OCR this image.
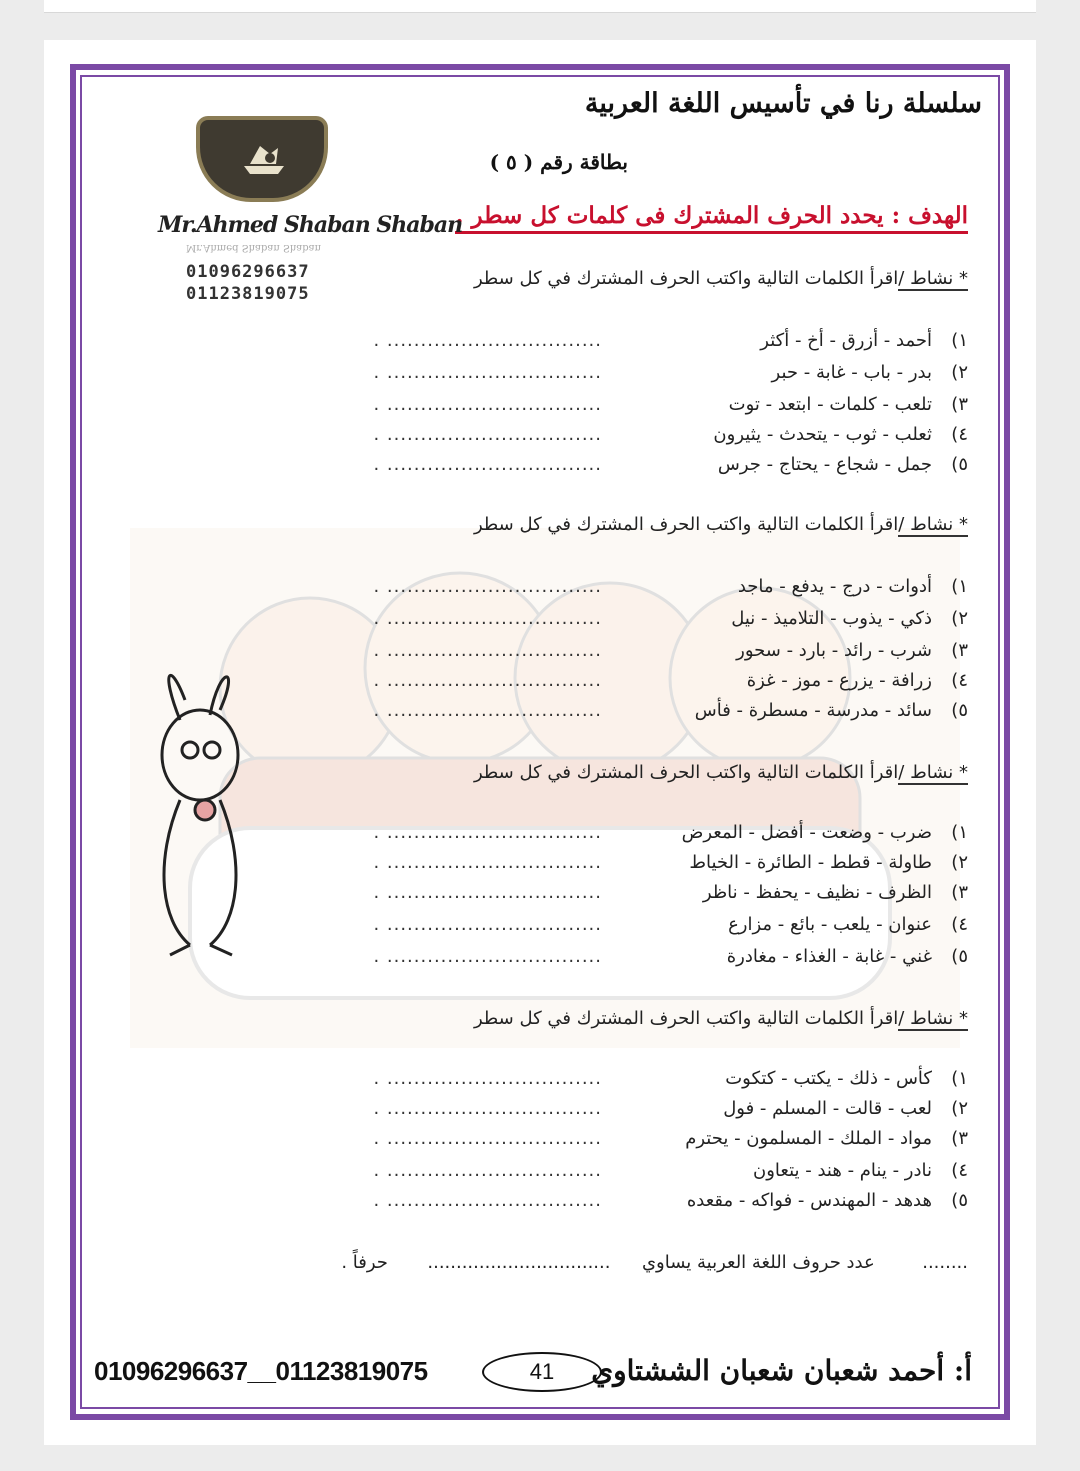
سلسلة رنا في تأسيس اللغة العربية
بطاقة رقم ( ٥ )
الهدف : يحدد الحرف المشترك فى كلمات كل سطر .
Mr.Ahmed Shaban Shaban
Mr.Ahmed Shaban Shaban
01096296637
01123819075
* نشاط /اقرأ الكلمات التالية واكتب الحرف المشترك في كل سطر
١)أحمد - أزرق - أخ - أكثر................................ .
٢)بدر - باب - غابة - حبر................................ .
٣)تلعب - كلمات - ابتعد - توت................................ .
٤)ثعلب - ثوب - يتحدث - يثيرون................................ .
٥)جمل - شجاع - يحتاج - جرس................................ .
* نشاط /اقرأ الكلمات التالية واكتب الحرف المشترك في كل سطر
١)أدوات - درج - يدفع - ماجد................................ .
٢)ذكي - يذوب - التلاميذ - نيل................................ .
٣)شرب - رائد - بارد - سحور................................ .
٤)زرافة - يزرع - موز - غزة................................ .
٥)سائد - مدرسة - مسطرة - فأس................................ .
* نشاط /اقرأ الكلمات التالية واكتب الحرف المشترك في كل سطر
١)ضرب - وضعت - أفضل - المعرض................................ .
٢)طاولة - قطط - الطائرة - الخياط................................ .
٣)الظرف - نظيف - يحفظ - ناظر................................ .
٤)عنوان - يلعب - بائع - مزارع................................ .
٥)غني - غابة - الغذاء - مغادرة................................ .
* نشاط /اقرأ الكلمات التالية واكتب الحرف المشترك في كل سطر
١)كأس - ذلك - يكتب - كتكوت................................ .
٢)لعب - قالت - المسلم - فول................................ .
٣)مواد - الملك - المسلمون - يحترم................................ .
٤)نادر - ينام - هند - يتعاون................................ .
٥)هدهد - المهندس - فواكه - مقعده................................ .
........  عدد حروف اللغة العربية يساوي  ................................  حرفاً .
أ: أحمد شعبان شعبان الششتاوي
41
01096296637__01123819075
